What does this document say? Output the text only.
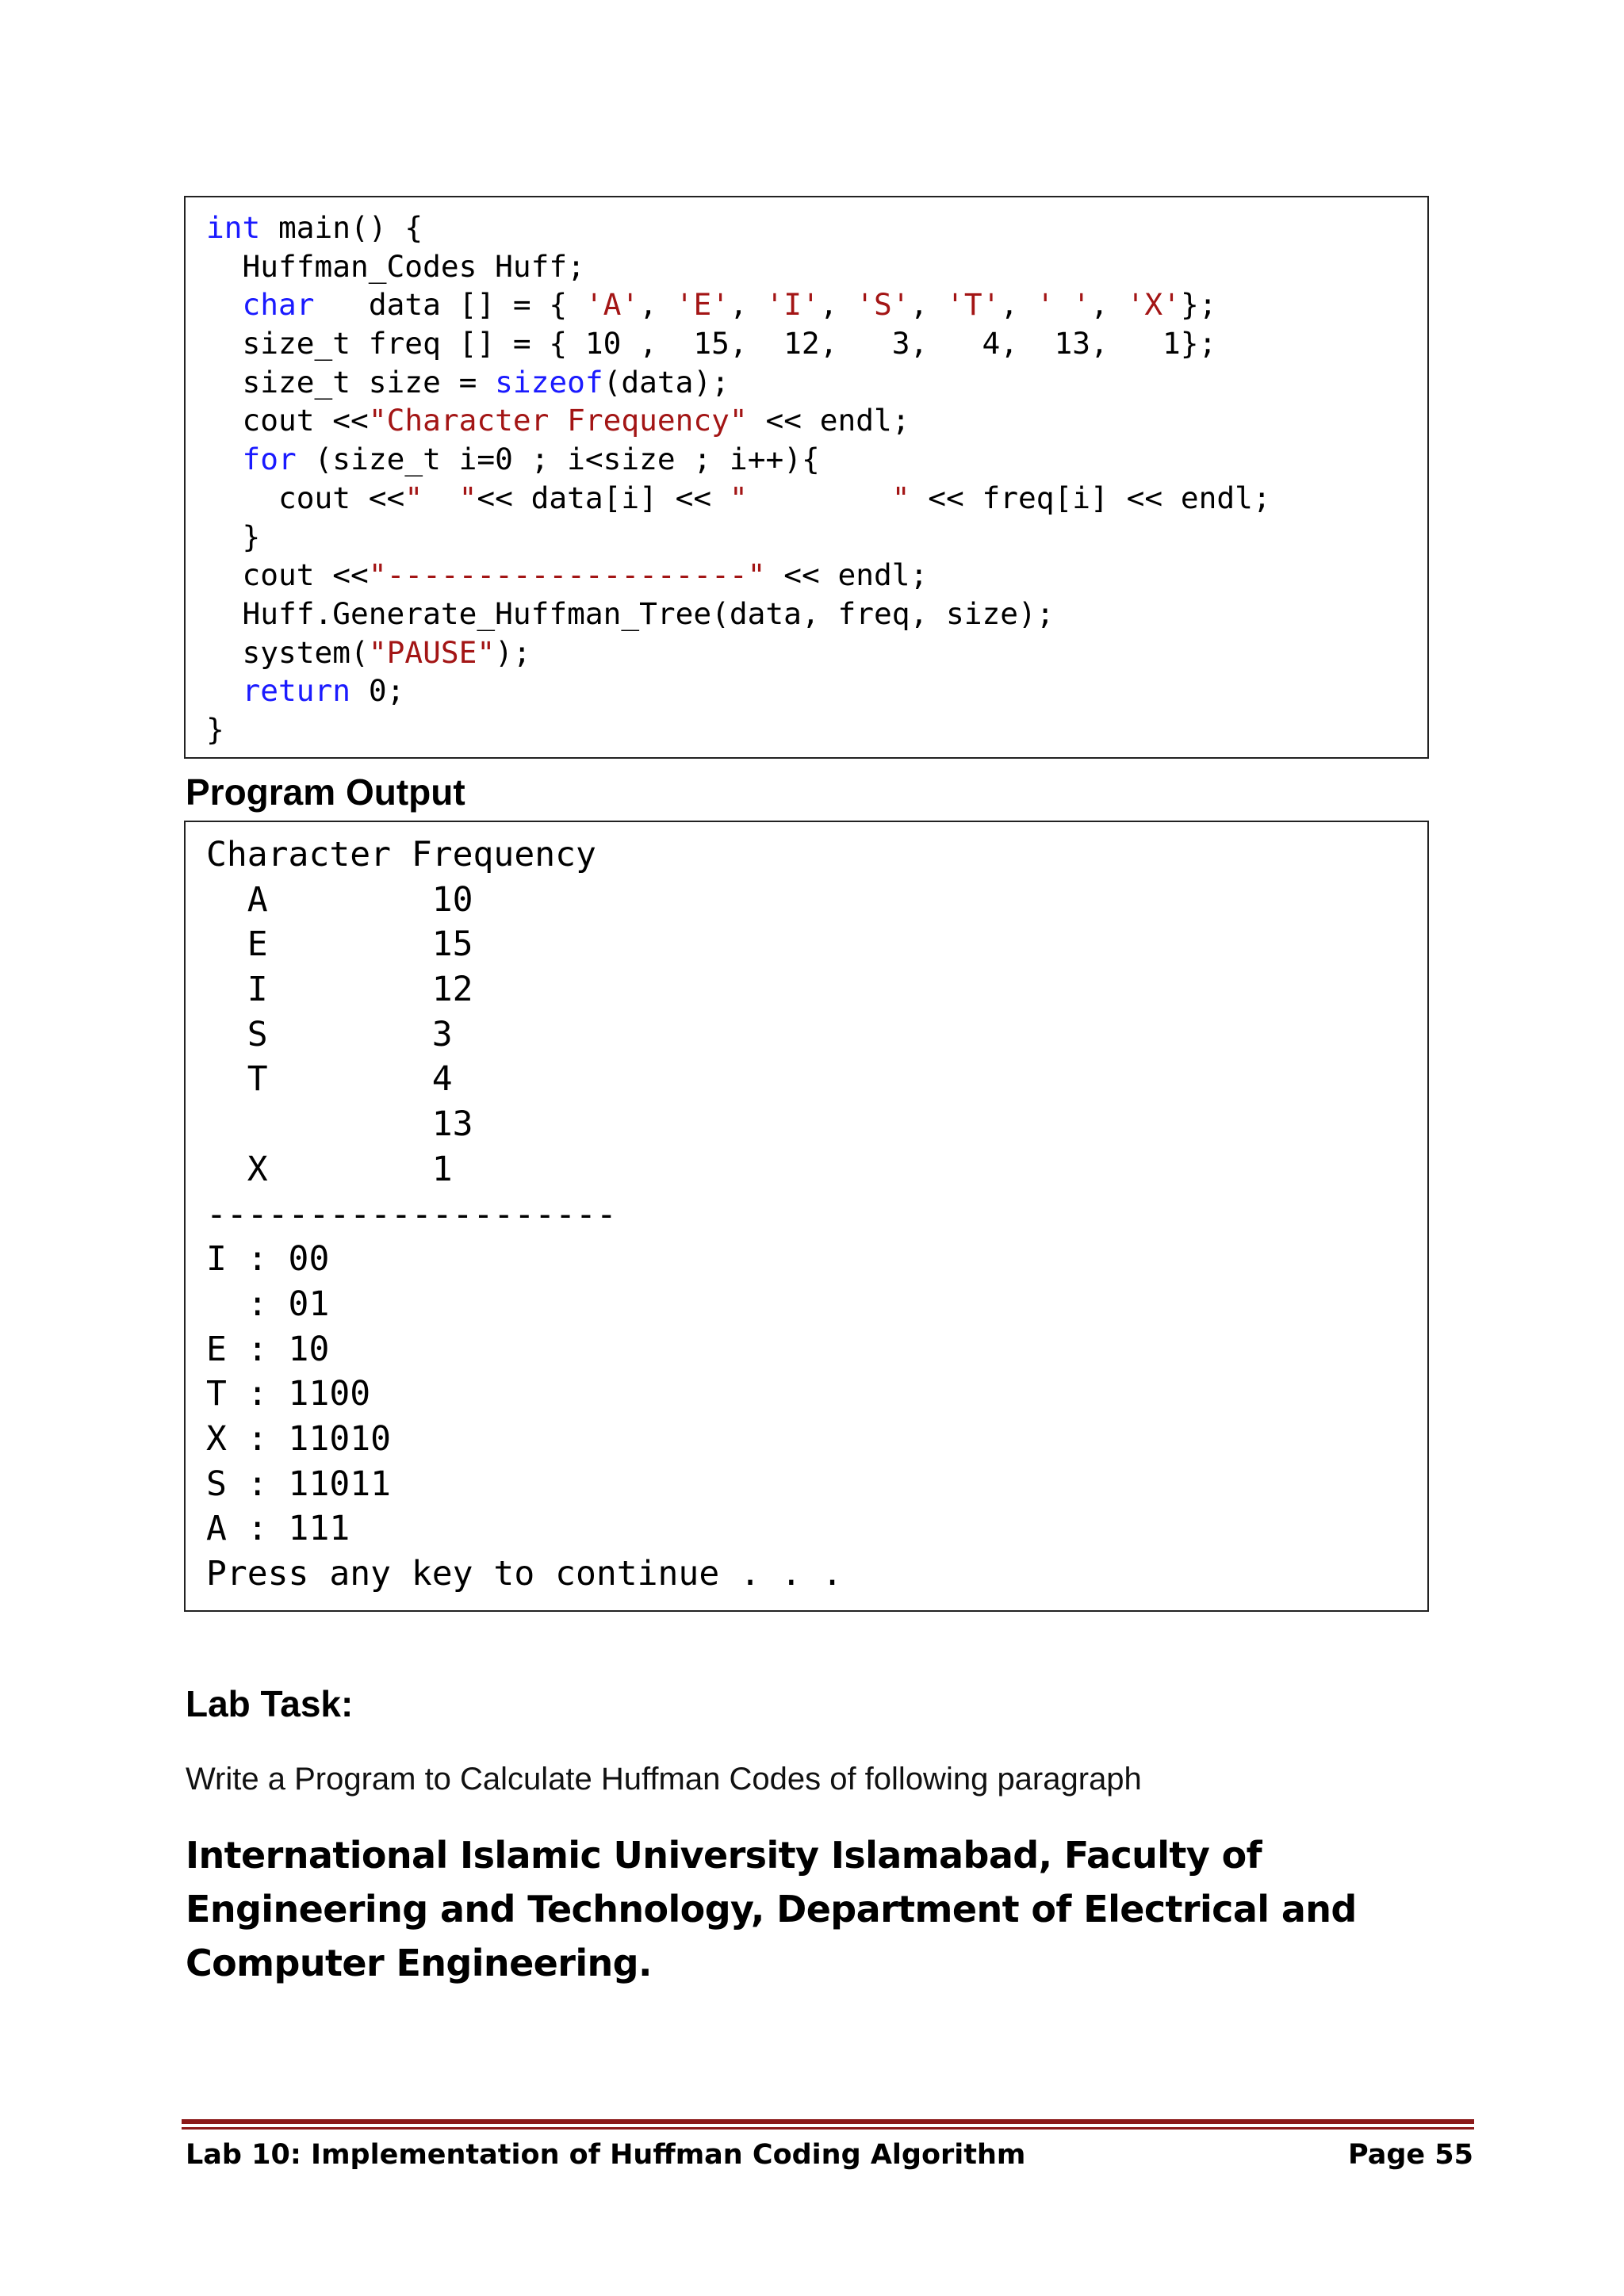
int main() {
Huffman_Codes Huff;
char   data [] = { 'A', 'E', 'I', 'S', 'T', ' ', 'X'};
size_t freq [] = { 10 ,  15,  12,   3,   4,  13,   1};
size_t size = sizeof(data);
cout <<"Character Frequency" << endl;
for (size_t i=0 ; i<size ; i++){
cout <<"  "<< data[i] << "        " << freq[i] << endl;
}
cout <<"--------------------" << endl;
Huff.Generate_Huffman_Tree(data, freq, size);
system("PAUSE");
return 0;
}
Program Output
Character Frequency
A        10
E        15
I        12
S        3
T        4
13
X        1
--------------------
I : 00
: 01
E : 10
T : 1100
X : 11010
S : 11011
A : 111
Press any key to continue . . .
Lab Task:
Write a Program to Calculate Huffman Codes of following paragraph

International Islamic University Islamabad, Faculty of Engineering and Technology, Department of Electrical and Computer Engineering.

Lab 10: Implementation of Huffman Coding Algorithm	Page 55
